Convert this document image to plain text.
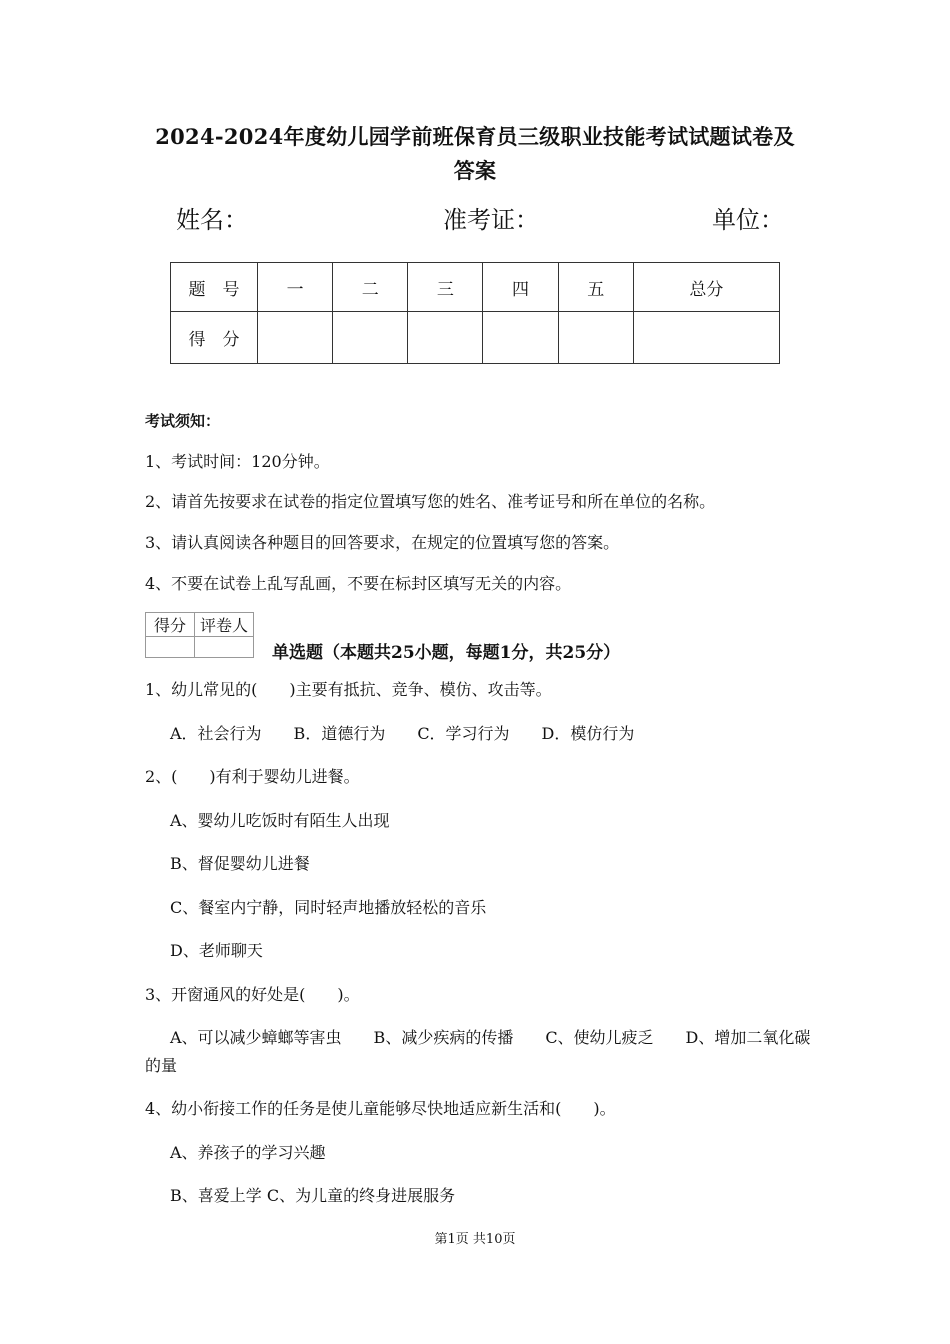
2024-2024年度幼儿园学前班保育员三级职业技能考试试题试卷及
答案
姓名：	准考证：	单位：
题　号	一	二	三	四	五	总分
得　分						
考试须知：
1、考试时间：120分钟。
2、请首先按要求在试卷的指定位置填写您的姓名、准考证号和所在单位的名称。
3、请认真阅读各种题目的回答要求，在规定的位置填写您的答案。
4、不要在试卷上乱写乱画，不要在标封区填写无关的内容。
得分	评卷人

单选题（本题共25小题，每题1分，共25分）
1、幼儿常见的(　　)主要有抵抗、竞争、模仿、攻击等。
A．社会行为　　B．道德行为　　C．学习行为　　D．模仿行为
2、(　　)有利于婴幼儿进餐。
A、婴幼儿吃饭时有陌生人出现
B、督促婴幼儿进餐
C、餐室内宁静，同时轻声地播放轻松的音乐
D、老师聊天
3、开窗通风的好处是(　　)。
A、可以减少蟑螂等害虫　　B、减少疾病的传播　　C、使幼儿疲乏　　D、增加二氧化碳
的量
4、幼小衔接工作的任务是使儿童能够尽快地适应新生活和(　　)。
A、养孩子的学习兴趣
B、喜爱上学 C、为儿童的终身进展服务
第1页 共10页
